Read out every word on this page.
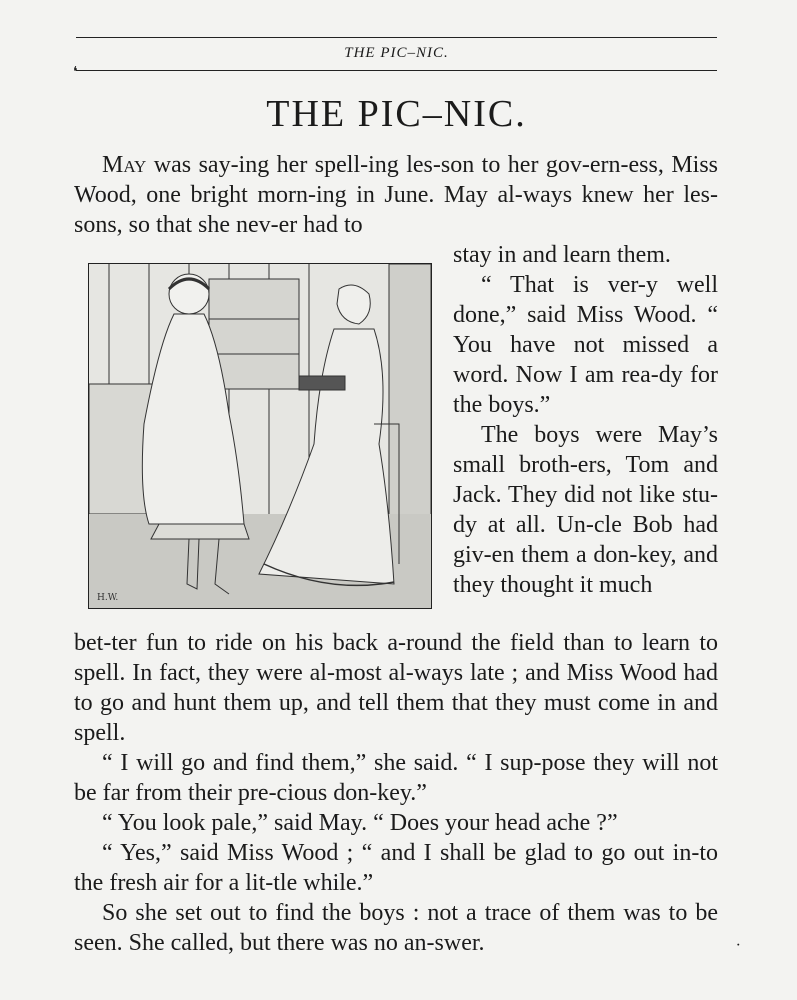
THE PIC–NIC.
❛
THE PIC–NIC.

May was say-ing her spell-ing les-son to her gov-ern-ess, Miss Wood, one bright morn-ing in June. May al-ways knew her les-sons, so that she nev-er had to

stay in and learn them.

“ That is ver-y well done,” said Miss Wood. “ You have not missed a word. Now I am rea-dy for the boys.”

The boys were May’s small broth-ers, Tom and Jack. They did not like stu-dy at all. Un-cle Bob had giv-en them a don-key, and they thought it much

H.W.

bet-ter fun to ride on his back a-round the field than to learn to spell. In fact, they were al-most al-ways late ; and Miss Wood had to go and hunt them up, and tell them that they must come in and spell.

“ I will go and find them,” she said. “ I sup-pose they will not be far from their pre-cious don-key.”

“ You look pale,” said May. “ Does your head ache ?”

“ Yes,” said Miss Wood ; “ and I shall be glad to go out in-to the fresh air for a lit-tle while.”

So she set out to find the boys : not a trace of them was to be seen. She called, but there was no an-swer.	·
